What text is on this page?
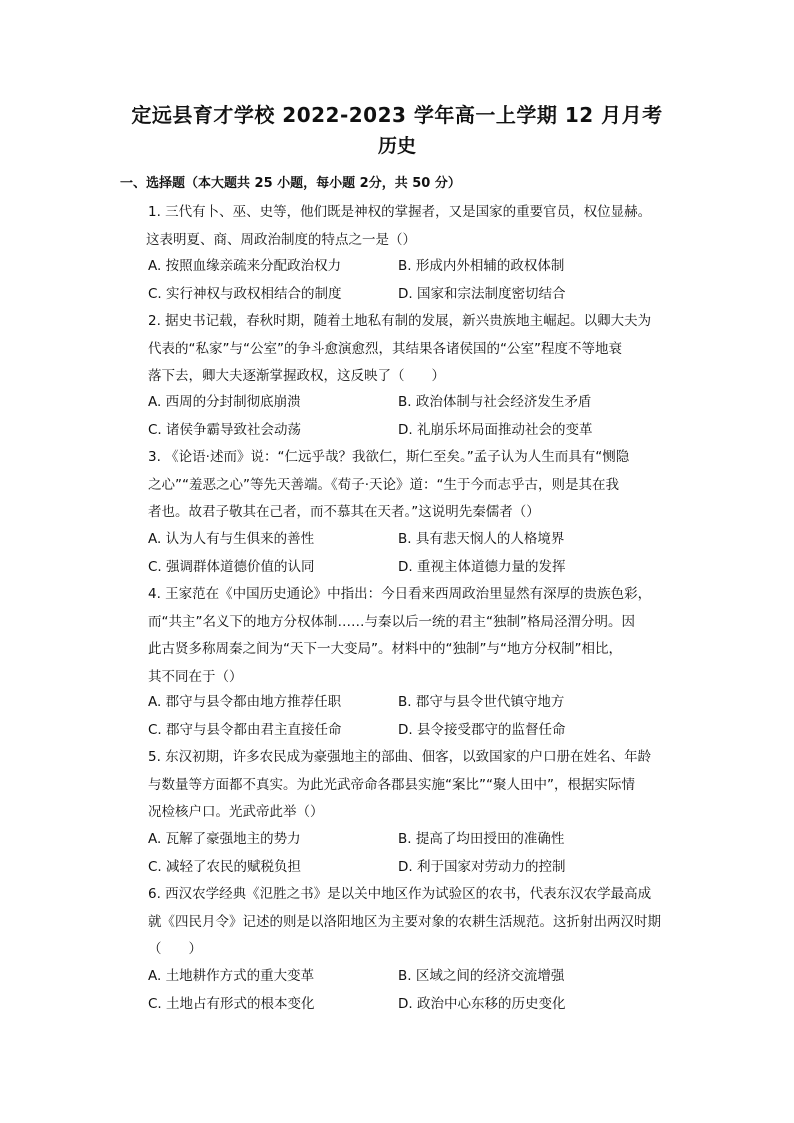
定远县育才学校 2022-2023 学年高一上学期 12 月月考
历史
一、选择题（本大题共 25 小题，每小题 2分，共 50 分）

1. 三代有卜、巫、史等，他们既是神权的掌握者，又是国家的重要官员，权位显赫。

这表明夏、商、周政治制度的特点之一是（）

A. 按照血缘亲疏来分配政治权力	B. 形成内外相辅的政权体制
C. 实行神权与政权相结合的制度	D. 国家和宗法制度密切结合

2. 据史书记载，春秋时期，随着土地私有制的发展，新兴贵族地主崛起。以卿大夫为

代表的“私家”与“公室”的争斗愈演愈烈，其结果各诸侯国的“公室”程度不等地衰

落下去，卿大夫逐渐掌握政权，这反映了（　　）

A. 西周的分封制彻底崩溃	B. 政治体制与社会经济发生矛盾
C. 诸侯争霸导致社会动荡	D. 礼崩乐坏局面推动社会的变革

3. 《论语·述而》说：“仁远乎哉？我欲仁，斯仁至矣。”孟子认为人生而具有“恻隐

之心”“羞恶之心”等先天善端。《荀子·天论》道：“生于今而志乎古，则是其在我

者也。故君子敬其在己者，而不慕其在天者。”这说明先秦儒者（）

A. 认为人有与生俱来的善性	B. 具有悲天悯人的人格境界
C. 强调群体道德价值的认同	D. 重视主体道德力量的发挥

4. 王家范在《中国历史通论》中指出：今日看来西周政治里显然有深厚的贵族色彩，

而“共主”名义下的地方分权体制……与秦以后一统的君主“独制”格局泾渭分明。因

此古贤多称周秦之间为“天下一大变局”。材料中的“独制”与“地方分权制”相比，

其不同在于（）

A. 郡守与县令都由地方推荐任职	B. 郡守与县令世代镇守地方
C. 郡守与县令都由君主直接任命	D. 县令接受郡守的监督任命

5. 东汉初期，许多农民成为豪强地主的部曲、佃客，以致国家的户口册在姓名、年龄

与数量等方面都不真实。为此光武帝命各郡县实施“案比”“聚人田中”，根据实际情

况检核户口。光武帝此举（）

A. 瓦解了豪强地主的势力	B. 提高了均田授田的准确性
C. 减轻了农民的赋税负担	D. 利于国家对劳动力的控制

6. 西汉农学经典《氾胜之书》是以关中地区作为试验区的农书，代表东汉农学最高成

就《四民月令》记述的则是以洛阳地区为主要对象的农耕生活规范。这折射出两汉时期

（　　）

A. 土地耕作方式的重大变革	B. 区域之间的经济交流增强
C. 土地占有形式的根本变化	D. 政治中心东移的历史变化
